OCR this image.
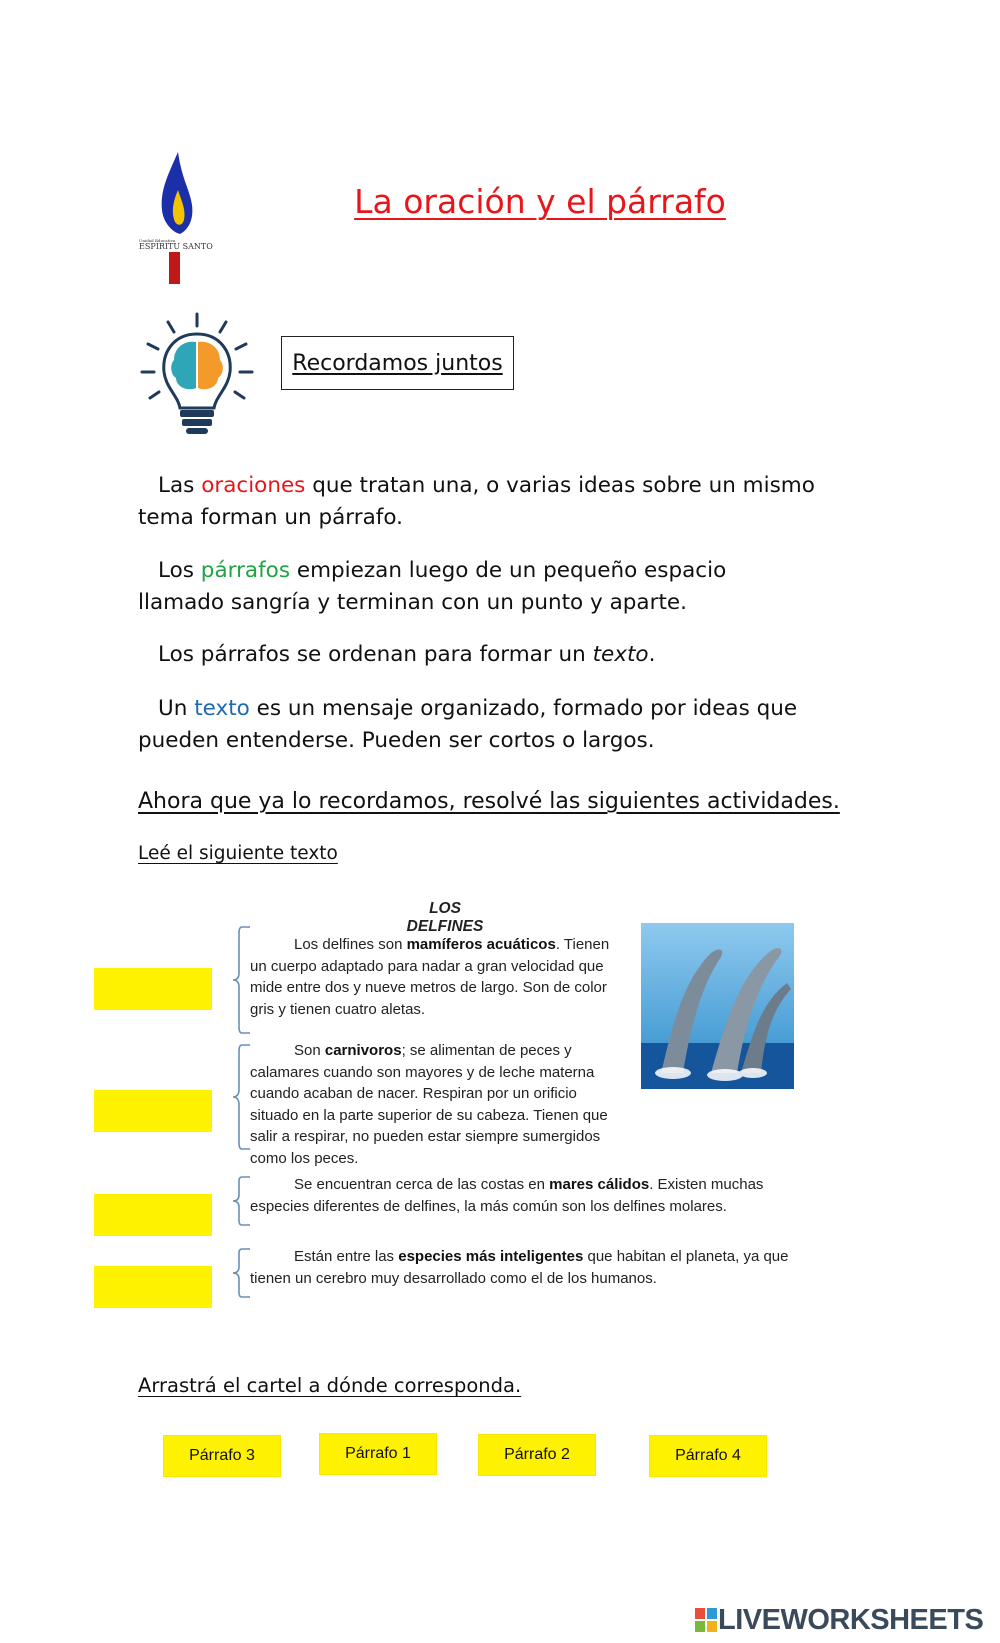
Unidad Educativa
ESPÍRITU SANTO
La oración y el párrafo
Recordamos juntos
Las oraciones que tratan una, o varias ideas sobre un mismo tema forman un párrafo.
Los párrafos empiezan luego de un pequeño espacio llamado sangría y terminan con un punto y aparte.
Los párrafos se ordenan para formar un texto.
Un texto es un mensaje organizado, formado por ideas que pueden entenderse. Pueden ser cortos o largos.
Ahora que ya lo recordamos, resolvé las siguientes actividades.
Leé el siguiente texto
LOS DELFINES
Los delfines son mamíferos acuáticos. Tienen un cuerpo adaptado para nadar a gran velocidad que mide entre dos y nueve metros de largo. Son de color gris y tienen cuatro aletas.
Son carnivoros; se alimentan de peces y calamares cuando son mayores y de leche materna cuando acaban de nacer. Respiran por un orificio situado en la parte superior de su cabeza. Tienen que salir a respirar, no pueden estar siempre sumergidos como los peces.
Se encuentran cerca de las costas en mares cálidos. Existen muchas especies diferentes de delfines, la más común son los delfines molares.
Están entre las especies más inteligentes que habitan el planeta, ya que tienen un cerebro muy desarrollado como el de los humanos.
Arrastrá el cartel a dónde corresponda.
Párrafo 3	Párrafo 1	Párrafo 2	Párrafo 4
LIVEWORKSHEETS
